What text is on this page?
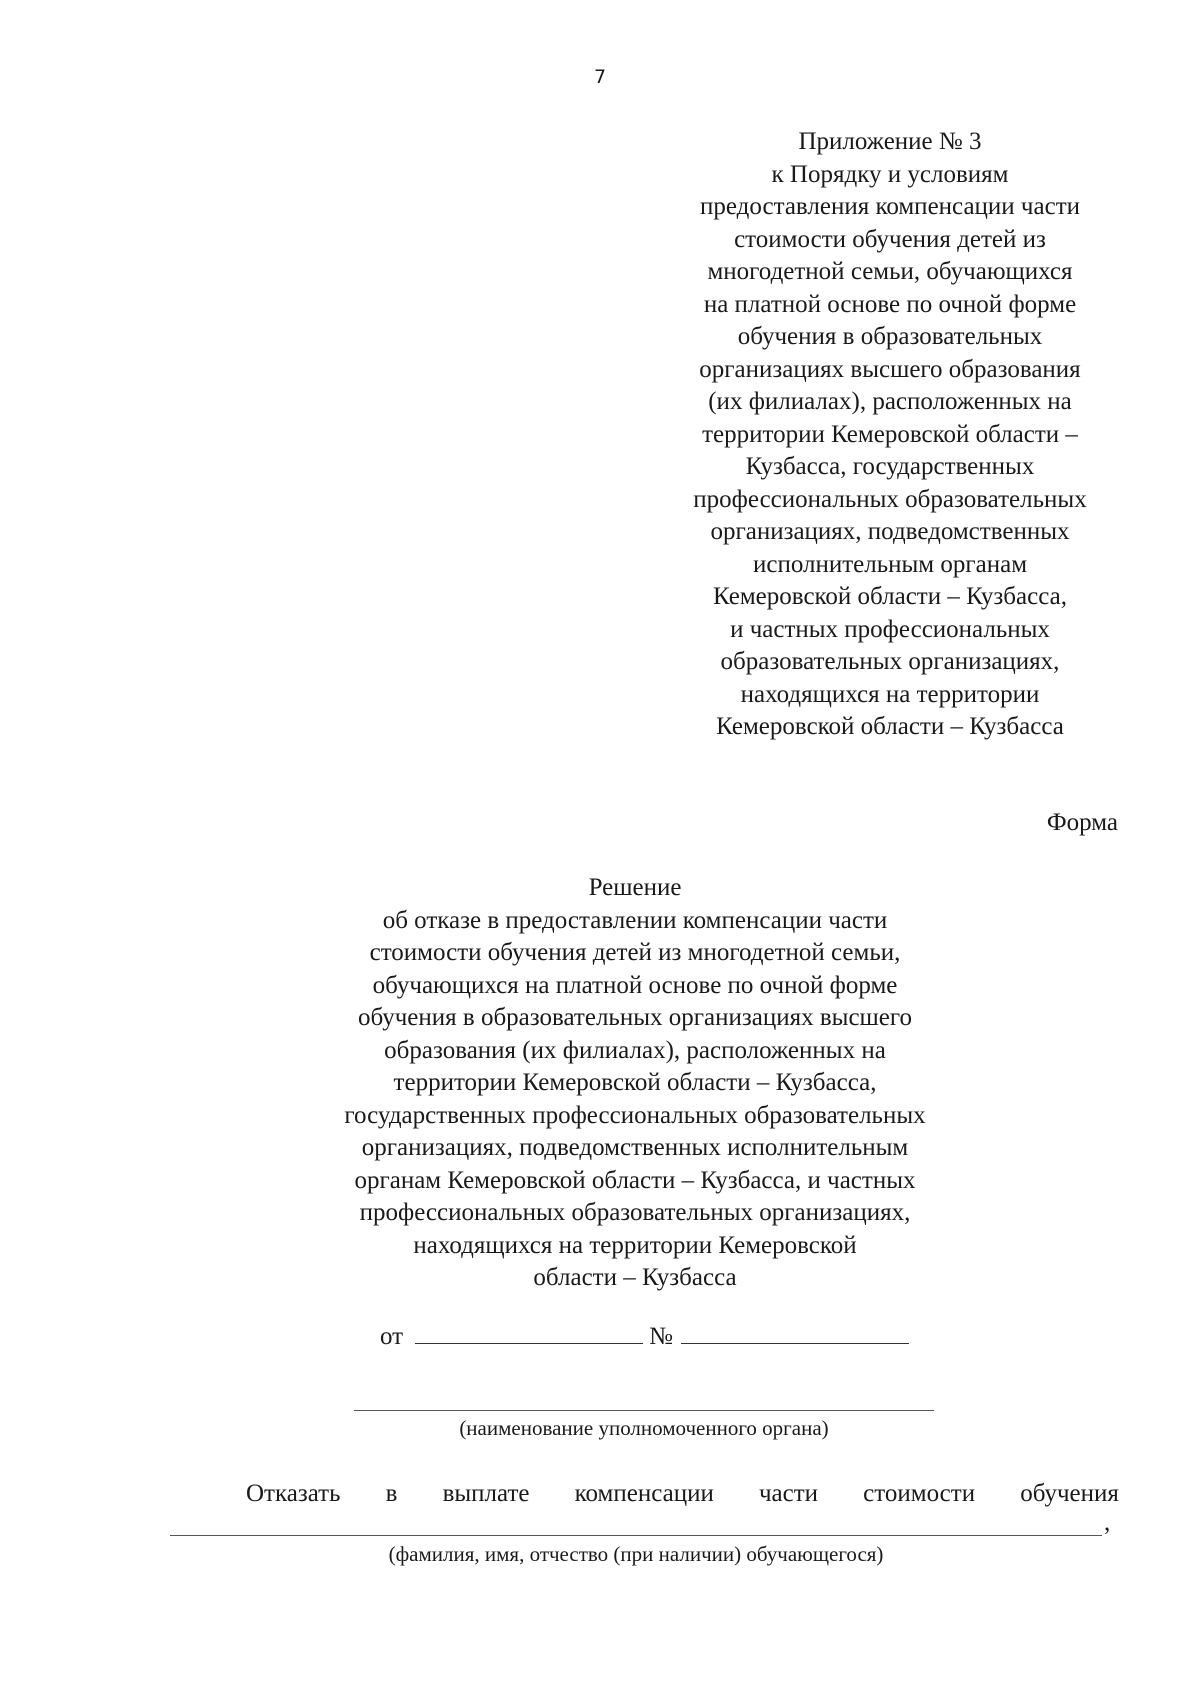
7
Приложение № 3
к Порядку и условиям
предоставления компенсации части
стоимости обучения детей из
многодетной семьи, обучающихся
на платной основе по очной форме
обучения в образовательных
организациях высшего образования
(их филиалах), расположенных на
территории Кемеровской области –
Кузбасса, государственных
профессиональных образовательных
организациях, подведомственных
исполнительным органам
Кемеровской области – Кузбасса,
и частных профессиональных
образовательных организациях,
находящихся на территории
Кемеровской области – Кузбасса
Форма
Решение
об отказе в предоставлении компенсации части
стоимости обучения детей из многодетной семьи,
обучающихся на платной основе по очной форме
обучения в образовательных организациях высшего
образования (их филиалах), расположенных на
территории Кемеровской области – Кузбасса,
государственных профессиональных образовательных
организациях, подведомственных исполнительным
органам Кемеровской области – Кузбасса, и частных
профессиональных образовательных организациях,
находящихся на территории Кемеровской
области – Кузбасса
от	№
(наименование уполномоченного органа)
Отказать в выплате компенсации части стоимости обучения
,
(фамилия, имя, отчество (при наличии) обучающегося)
